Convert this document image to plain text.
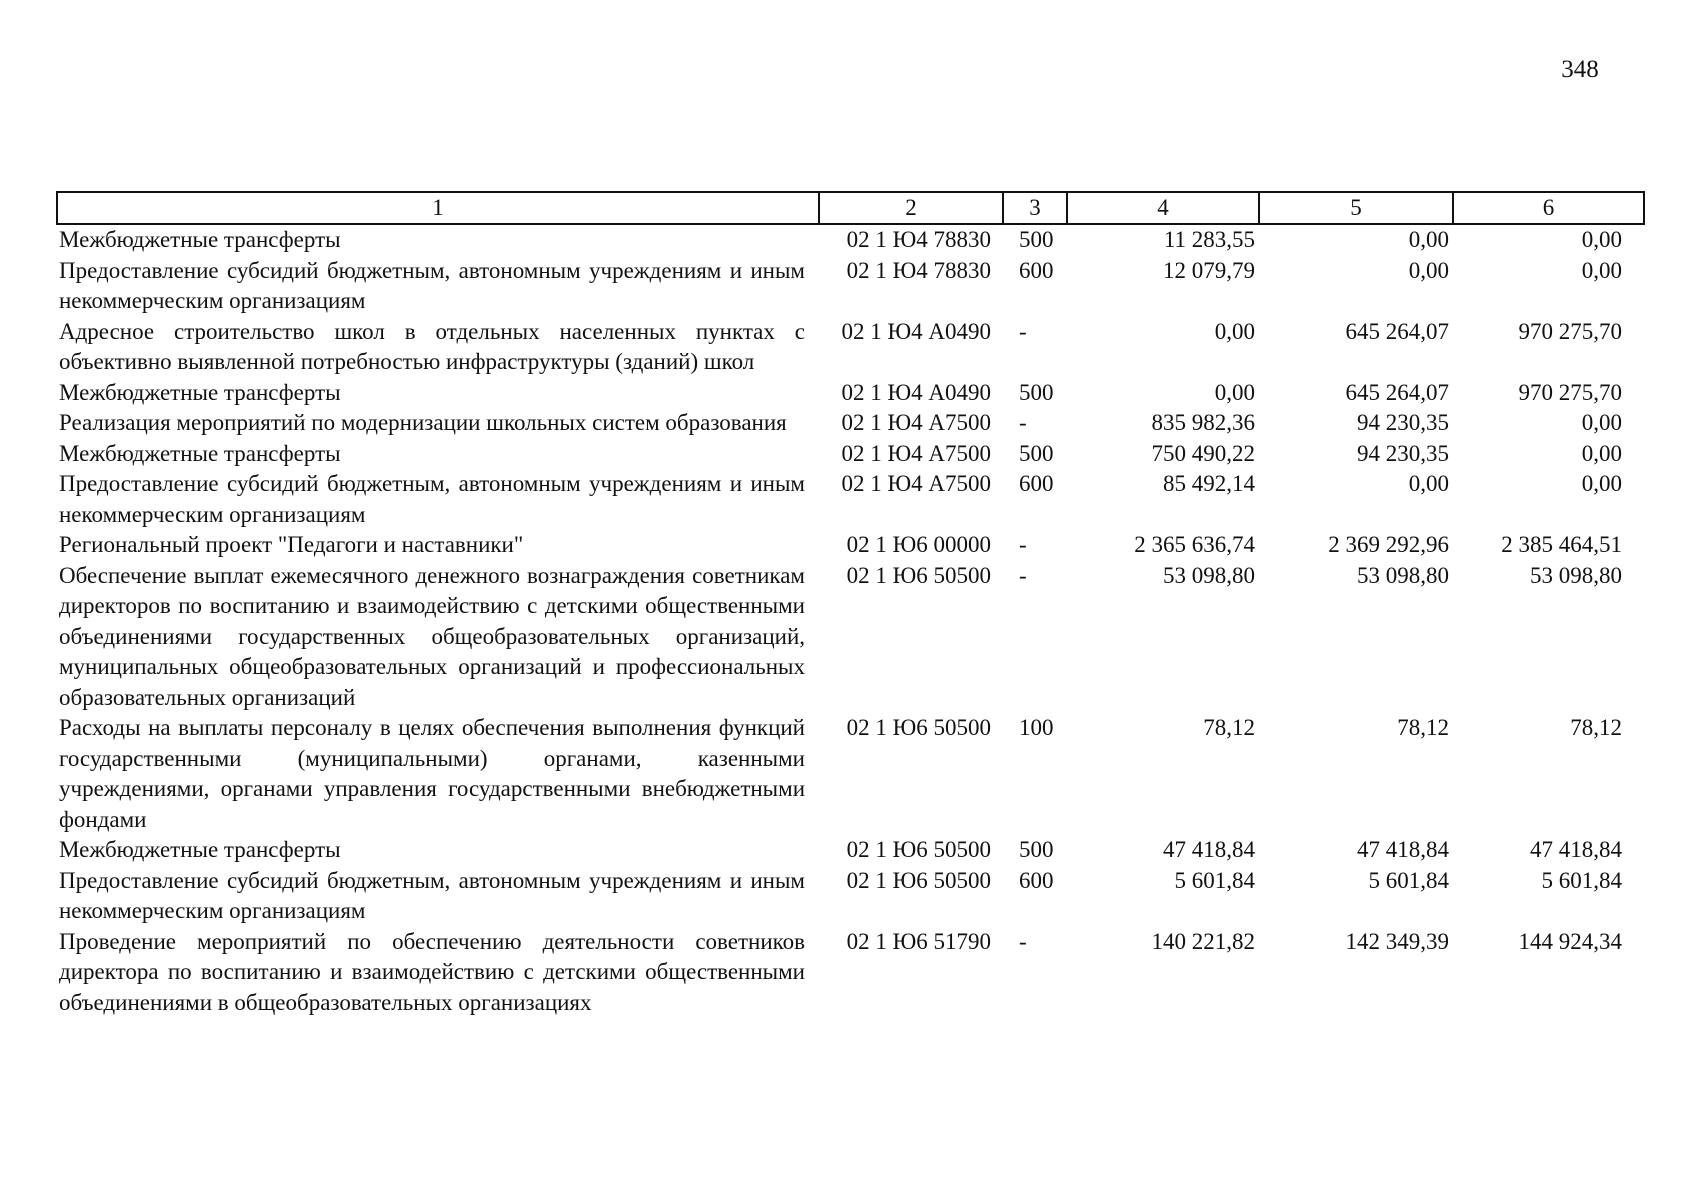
348
1	2	3	4	5	6
Межбюджетные трансферты	02 1 Ю4 78830	500	11 283,55	0,00	0,00
Предоставление субсидий бюджетным, автономным учреждениям и иным некоммерческим организациям	02 1 Ю4 78830	600	12 079,79	0,00	0,00
Адресное строительство школ в отдельных населенных пунктах с объективно выявленной потребностью инфраструктуры (зданий) школ	02 1 Ю4 А0490	-	0,00	645 264,07	970 275,70
Межбюджетные трансферты	02 1 Ю4 А0490	500	0,00	645 264,07	970 275,70
Реализация мероприятий по модернизации школьных систем образования	02 1 Ю4 А7500	-	835 982,36	94 230,35	0,00
Межбюджетные трансферты	02 1 Ю4 А7500	500	750 490,22	94 230,35	0,00
Предоставление субсидий бюджетным, автономным учреждениям и иным некоммерческим организациям	02 1 Ю4 А7500	600	85 492,14	0,00	0,00
Региональный проект "Педагоги и наставники"	02 1 Ю6 00000	-	2 365 636,74	2 369 292,96	2 385 464,51
Обеспечение выплат ежемесячного денежного вознаграждения советникам директоров по воспитанию и взаимодействию с детскими общественными объединениями государственных общеобразовательных организаций, муниципальных общеобразовательных организаций и профессиональных образовательных организаций	02 1 Ю6 50500	-	53 098,80	53 098,80	53 098,80
Расходы на выплаты персоналу в целях обеспечения выполнения функций государственными (муниципальными) органами, казенными учреждениями, органами управления государственными внебюджетными фондами	02 1 Ю6 50500	100	78,12	78,12	78,12
Межбюджетные трансферты	02 1 Ю6 50500	500	47 418,84	47 418,84	47 418,84
Предоставление субсидий бюджетным, автономным учреждениям и иным некоммерческим организациям	02 1 Ю6 50500	600	5 601,84	5 601,84	5 601,84
Проведение мероприятий по обеспечению деятельности советников директора по воспитанию и взаимодействию с детскими общественными объединениями в общеобразовательных организациях	02 1 Ю6 51790	-	140 221,82	142 349,39	144 924,34
